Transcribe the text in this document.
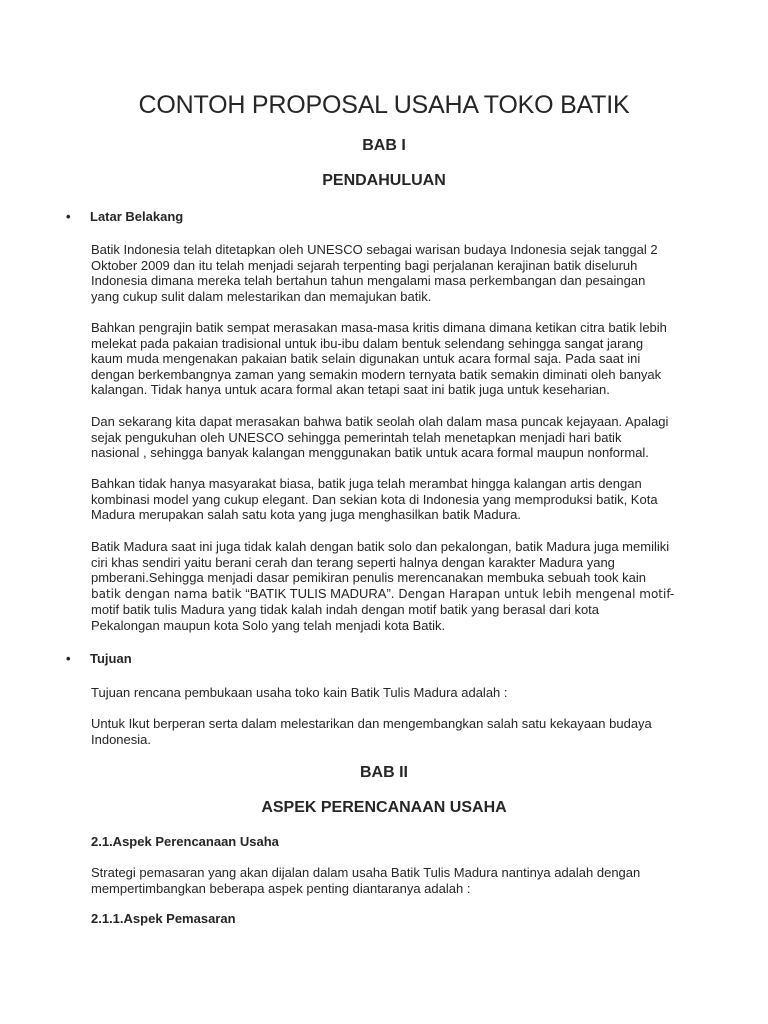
CONTOH PROPOSAL USAHA TOKO BATIK
BAB I
PENDAHULUAN
• Latar Belakang
Batik Indonesia telah ditetapkan oleh UNESCO sebagai warisan budaya Indonesia sejak tanggal 2
Oktober 2009 dan itu telah menjadi sejarah terpenting bagi perjalanan kerajinan batik diseluruh
Indonesia dimana mereka telah bertahun tahun mengalami masa perkembangan dan pesaingan
yang cukup sulit dalam melestarikan dan memajukan batik.
Bahkan pengrajin batik sempat merasakan masa-masa kritis dimana dimana ketikan citra batik lebih
melekat pada pakaian tradisional untuk ibu-ibu dalam bentuk selendang sehingga sangat jarang
kaum muda mengenakan pakaian batik selain digunakan untuk acara formal saja. Pada saat ini
dengan berkembangnya zaman yang semakin modern ternyata batik semakin diminati oleh banyak
kalangan. Tidak hanya untuk acara formal akan tetapi saat ini batik juga untuk keseharian.
Dan sekarang kita dapat merasakan bahwa batik seolah olah dalam masa puncak kejayaan. Apalagi
sejak pengukuhan oleh UNESCO sehingga pemerintah telah menetapkan menjadi hari batik
nasional , sehingga banyak kalangan menggunakan batik untuk acara formal maupun nonformal.
Bahkan tidak hanya masyarakat biasa, batik juga telah merambat hingga kalangan artis dengan
kombinasi model yang cukup elegant. Dan sekian kota di Indonesia yang memproduksi batik, Kota
Madura merupakan salah satu kota yang juga menghasilkan batik Madura.
Batik Madura saat ini juga tidak kalah dengan batik solo dan pekalongan, batik Madura juga memiliki
ciri khas sendiri yaitu berani cerah dan terang seperti halnya dengan karakter Madura yang
pmberani.Sehingga menjadi dasar pemikiran penulis merencanakan membuka sebuah took kain
batik dengan nama batik “BATIK TULIS MADURA”. Dengan Harapan untuk lebih mengenal motif-
motif batik tulis Madura yang tidak kalah indah dengan motif batik yang berasal dari kota
Pekalongan maupun kota Solo yang telah menjadi kota Batik.
• Tujuan
Tujuan rencana pembukaan usaha toko kain Batik Tulis Madura adalah :
Untuk Ikut berperan serta dalam melestarikan dan mengembangkan salah satu kekayaan budaya
Indonesia.
BAB II
ASPEK PERENCANAAN USAHA
2.1.Aspek Perencanaan Usaha
Strategi pemasaran yang akan dijalan dalam usaha Batik Tulis Madura nantinya adalah dengan
mempertimbangkan beberapa aspek penting diantaranya adalah :
2.1.1.Aspek Pemasaran
